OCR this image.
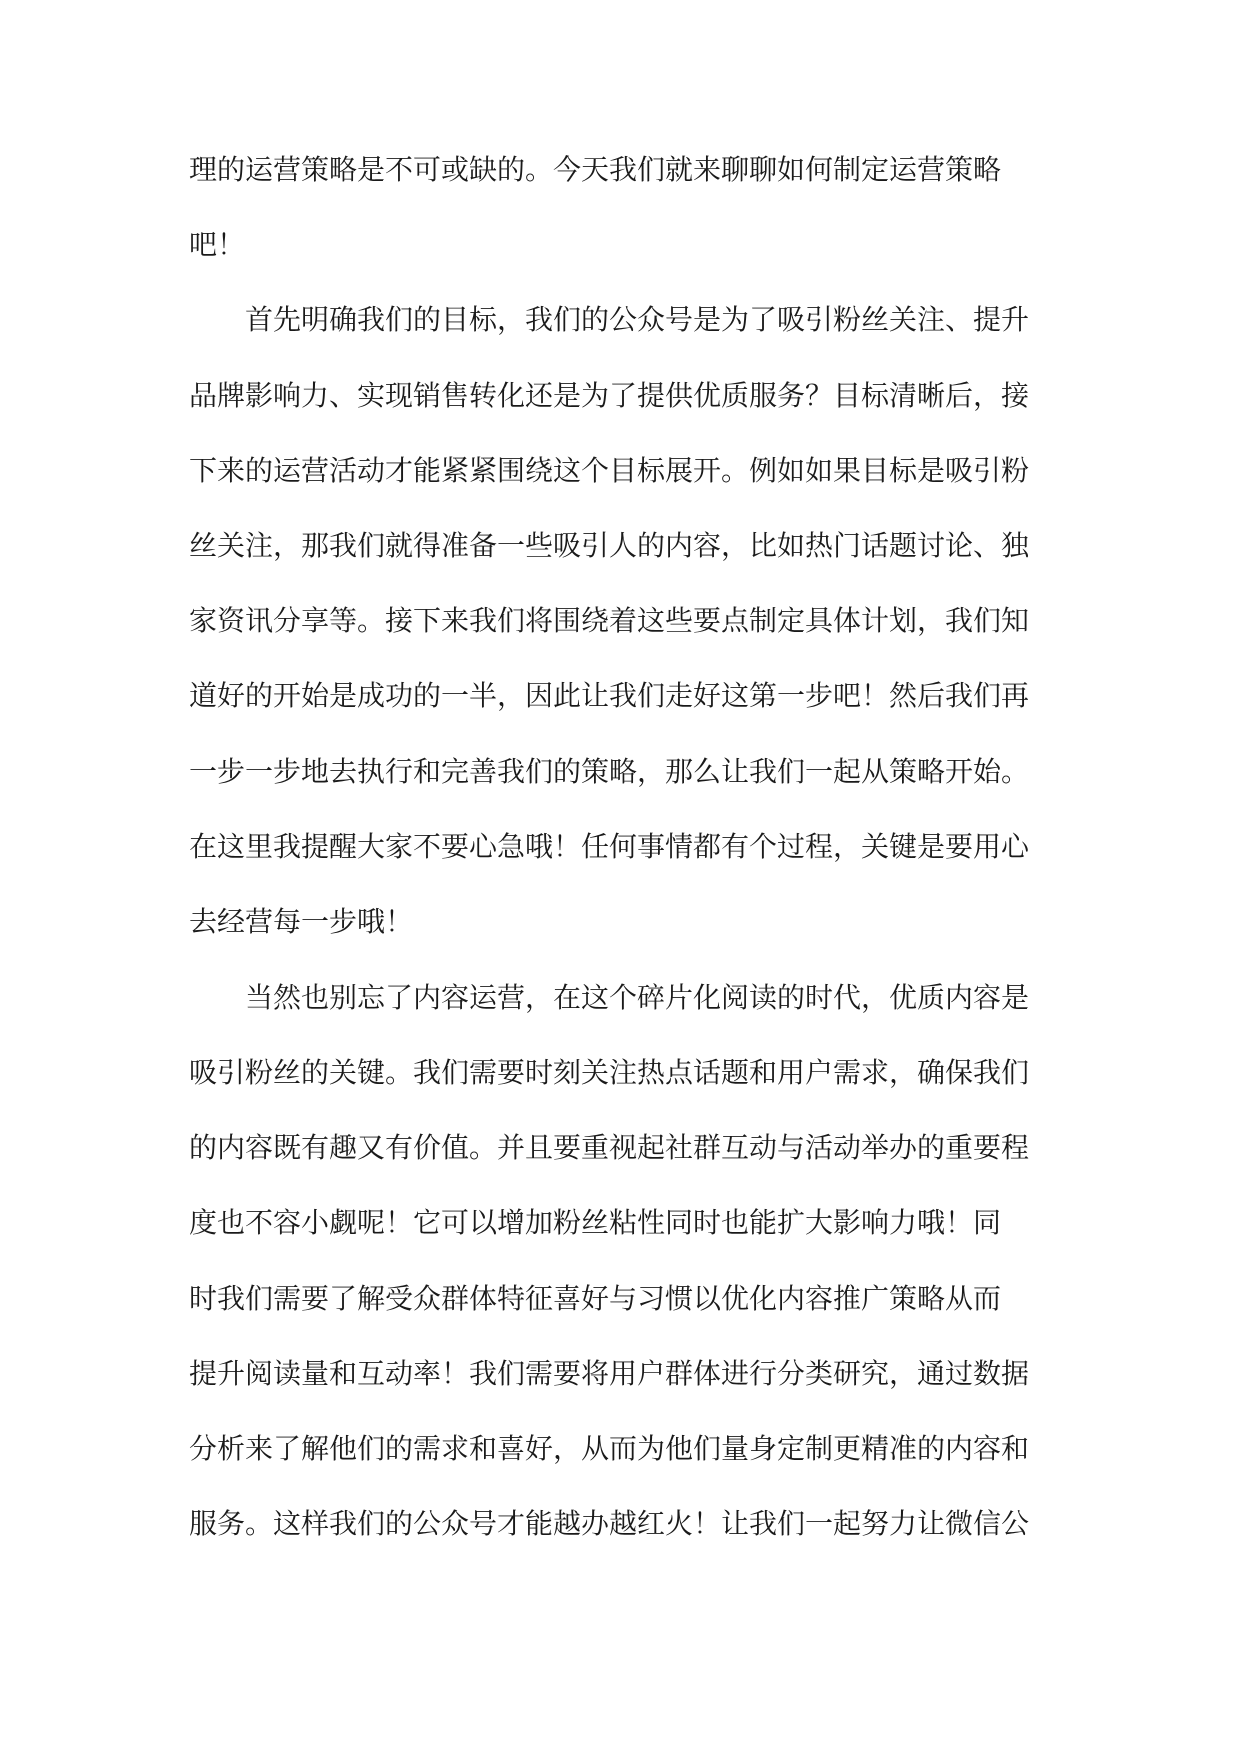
理的运营策略是不可或缺的。今天我们就来聊聊如何制定运营策略
吧！
首先明确我们的目标，我们的公众号是为了吸引粉丝关注、提升
品牌影响力、实现销售转化还是为了提供优质服务？目标清晰后，接
下来的运营活动才能紧紧围绕这个目标展开。例如如果目标是吸引粉
丝关注，那我们就得准备一些吸引人的内容，比如热门话题讨论、独
家资讯分享等。接下来我们将围绕着这些要点制定具体计划，我们知
道好的开始是成功的一半，因此让我们走好这第一步吧！然后我们再
一步一步地去执行和完善我们的策略，那么让我们一起从策略开始。
在这里我提醒大家不要心急哦！任何事情都有个过程，关键是要用心
去经营每一步哦！
当然也别忘了内容运营，在这个碎片化阅读的时代，优质内容是
吸引粉丝的关键。我们需要时刻关注热点话题和用户需求，确保我们
的内容既有趣又有价值。并且要重视起社群互动与活动举办的重要程
度也不容小觑呢！它可以增加粉丝粘性同时也能扩大影响力哦！同
时我们需要了解受众群体特征喜好与习惯以优化内容推广策略从而
提升阅读量和互动率！我们需要将用户群体进行分类研究，通过数据
分析来了解他们的需求和喜好，从而为他们量身定制更精准的内容和
服务。这样我们的公众号才能越办越红火！让我们一起努力让微信公
